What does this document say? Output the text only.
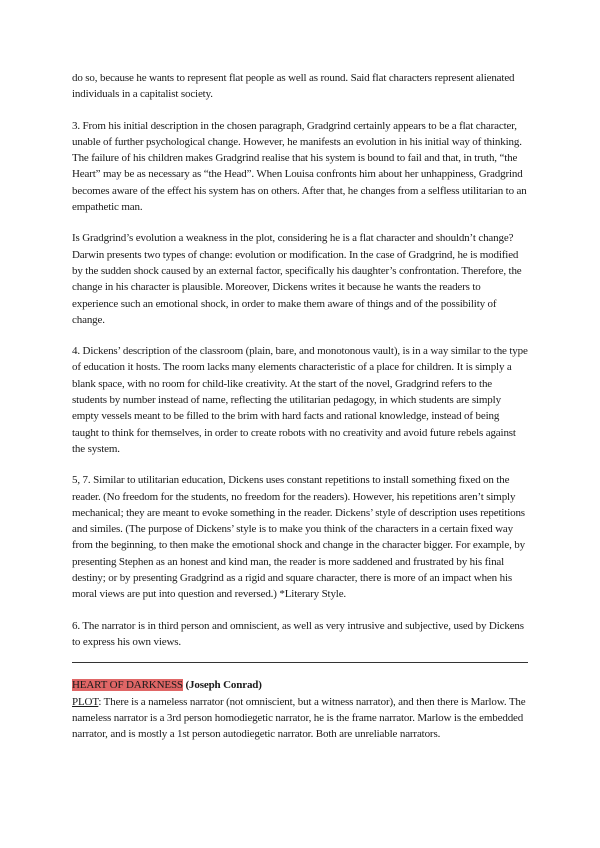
do so, because he wants to represent flat people as well as round. Said flat characters represent alienated individuals in a capitalist society.

3. From his initial description in the chosen paragraph, Gradgrind certainly appears to be a flat character, unable of further psychological change. However, he manifests an evolution in his initial way of thinking. The failure of his children makes Gradgrind realise that his system is bound to fail and that, in truth, “the Heart” may be as necessary as “the Head”. When Louisa confronts him about her unhappiness, Gradgrind becomes aware of the effect his system has on others. After that, he changes from a selfless utilitarian to an empathetic man.

Is Gradgrind’s evolution a weakness in the plot, considering he is a flat character and shouldn’t change? Darwin presents two types of change: evolution or modification. In the case of Gradgrind, he is modified by the sudden shock caused by an external factor, specifically his daughter’s confrontation. Therefore, the change in his character is plausible. Moreover, Dickens writes it because he wants the readers to experience such an emotional shock, in order to make them aware of things and of the possibility of change.

4. Dickens’ description of the classroom (plain, bare, and monotonous vault), is in a way similar to the type of education it hosts. The room lacks many elements characteristic of a place for children. It is simply a blank space, with no room for child-like creativity. At the start of the novel, Gradgrind refers to the students by number instead of name, reflecting the utilitarian pedagogy, in which students are simply empty vessels meant to be filled to the brim with hard facts and rational knowledge, instead of being taught to think for themselves, in order to create robots with no creativity and avoid future rebels against the system.

5, 7. Similar to utilitarian education, Dickens uses constant repetitions to install something fixed on the reader. (No freedom for the students, no freedom for the readers). However, his repetitions aren’t simply mechanical; they are meant to evoke something in the reader. Dickens’ style of description uses repetitions and similes. (The purpose of Dickens’ style is to make you think of the characters in a certain fixed way from the beginning, to then make the emotional shock and change in the character bigger. For example, by presenting Stephen as an honest and kind man, the reader is more saddened and frustrated by his final destiny; or by presenting Gradgrind as a rigid and square character, there is more of an impact when his moral views are put into question and reversed.) *Literary Style.

6. The narrator is in third person and omniscient, as well as very intrusive and subjective, used by Dickens to express his own views.

HEART OF DARKNESS (Joseph Conrad)
PLOT: There is a nameless narrator (not omniscient, but a witness narrator), and then there is Marlow. The nameless narrator is a 3rd person homodiegetic narrator, he is the frame narrator. Marlow is the embedded narrator, and is mostly a 1st person autodiegetic narrator. Both are unreliable narrators.
